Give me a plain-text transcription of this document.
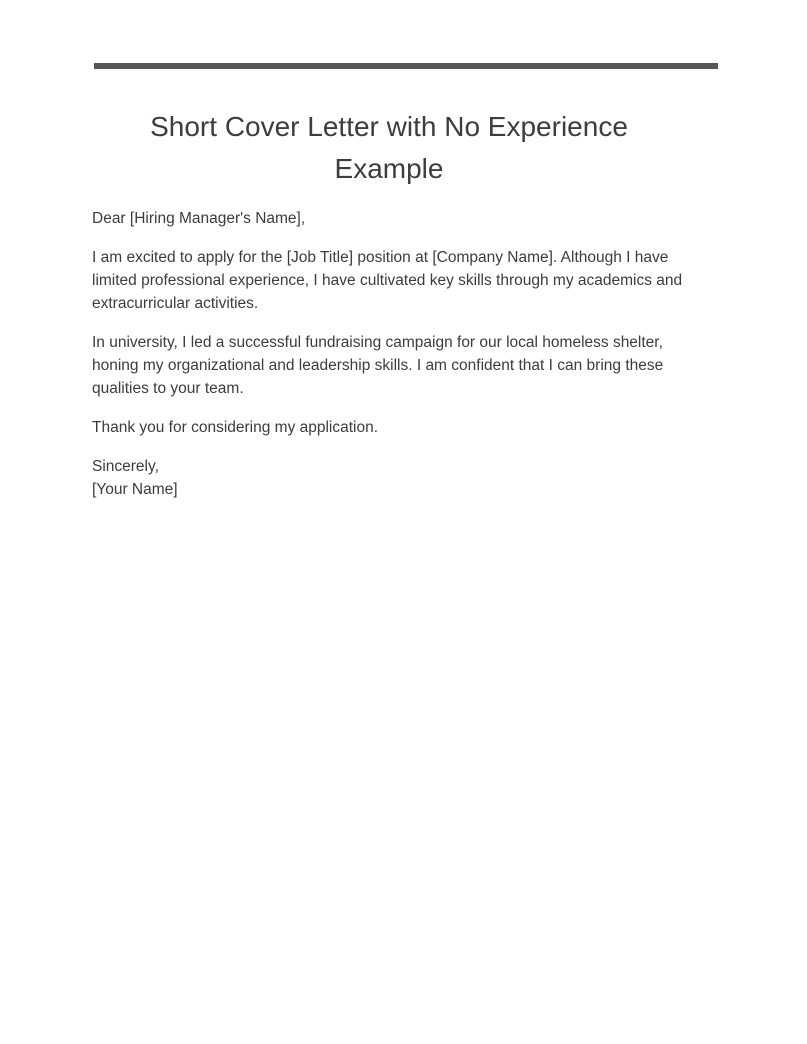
Short Cover Letter with No Experience Example

Dear [Hiring Manager's Name],

I am excited to apply for the [Job Title] position at [Company Name]. Although I have limited professional experience, I have cultivated key skills through my academics and extracurricular activities.

In university, I led a successful fundraising campaign for our local homeless shelter, honing my organizational and leadership skills. I am confident that I can bring these qualities to your team.

Thank you for considering my application.

Sincerely,
[Your Name]
